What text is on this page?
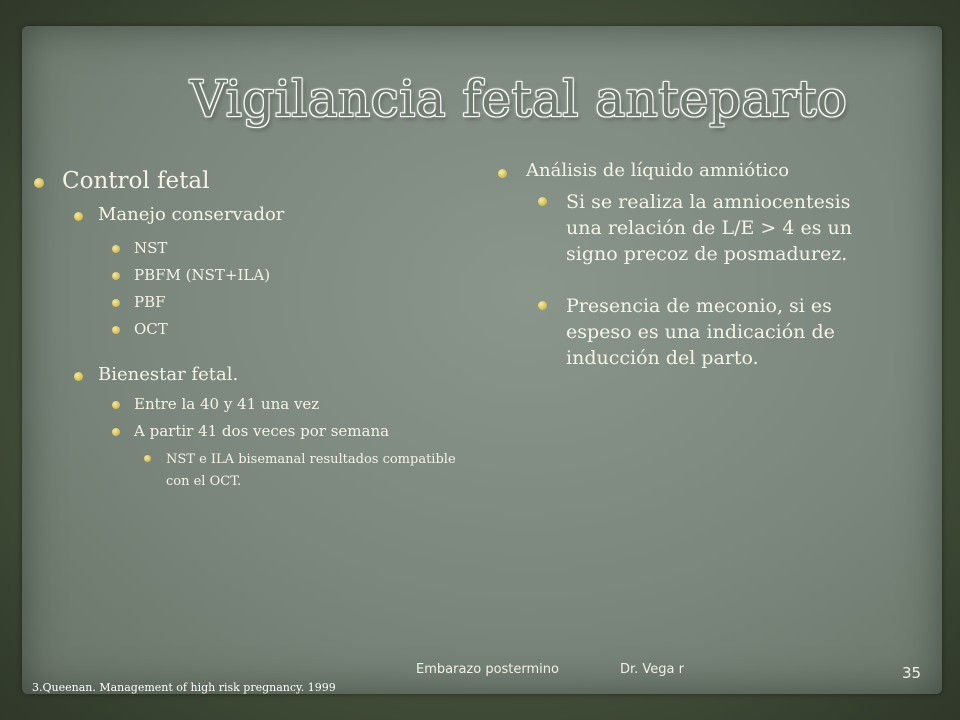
Vigilancia fetal anteparto
Control fetal
Manejo conservador
NST
PBFM (NST+ILA)
PBF
OCT
Bienestar fetal.
Entre la 40 y 41 una vez
A partir 41 dos veces por semana
NST e ILA bisemanal resultados compatible con el OCT.
Análisis de líquido amniótico
Si se realiza la amniocentesis una relación de L/E > 4 es un signo precoz de posmadurez.
Presencia de meconio, si es espeso es una indicación de inducción del parto.
Embarazo postermino	Dr. Vega r	35
3.Queenan. Management of high risk pregnancy. 1999
